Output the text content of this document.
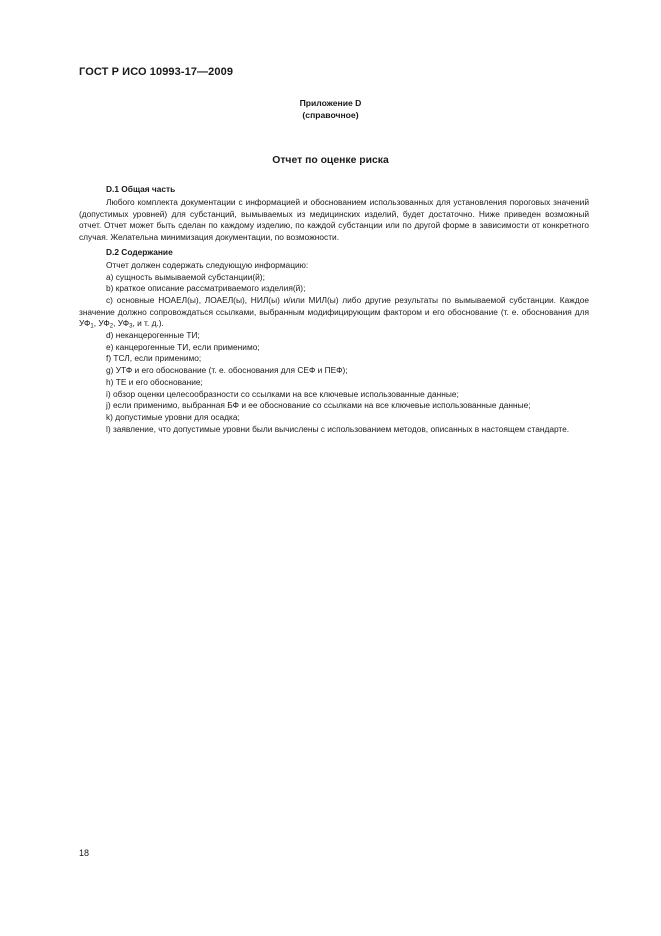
ГОСТ Р ИСО 10993-17—2009
Приложение D
(справочное)
Отчет по оценке риска
D.1 Общая часть

Любого комплекта документации с информацией и обоснованием использованных для установления пороговых значений (допустимых уровней) для субстанций, вымываемых из медицинских изделий, будет достаточно. Ниже приведен возможный отчет. Отчет может быть сделан по каждому изделию, по каждой субстанции или по другой форме в зависимости от конкретного случая. Желательна минимизация документации, по возможности.

D.2 Содержание

Отчет должен содержать следующую информацию:

a) сущность вымываемой субстанции(й);

b) краткое описание рассматриваемого изделия(й);

c) основные НОАЕЛ(ы), ЛОАЕЛ(ы), НИЛ(ы) и/или МИЛ(ы) либо другие результаты по вымываемой субстанции. Каждое значение должно сопровождаться ссылками, выбранным модифицирующим фактором и его обоснование (т. е. обоснования для $УФ_1$, $УФ_2$, $УФ_3$, и т. д.).

d) неканцерогенные ТИ;

e) канцерогенные ТИ, если применимо;

f) ТСЛ, если применимо;

g) УТФ и его обоснование (т. е. обоснования для СЕФ и ПЕФ);

h) ТЕ и его обоснование;

i) обзор оценки целесообразности со ссылками на все ключевые использованные данные;

j) если применимо, выбранная БФ и ее обоснование со ссылками на все ключевые использованные данные;

k) допустимые уровни для осадка;

l) заявление, что допустимые уровни были вычислены с использованием методов, описанных в настоящем стандарте.

18
